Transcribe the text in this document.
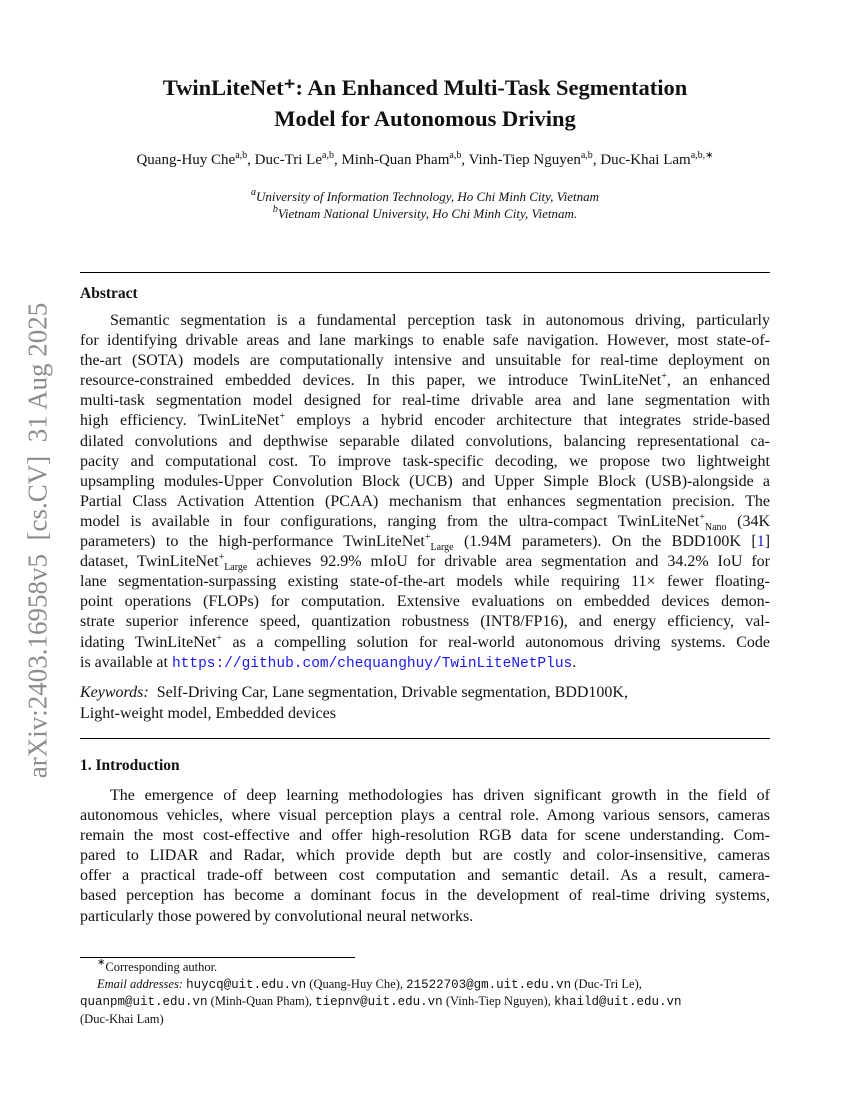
arXiv:2403.16958v5  [cs.CV]  31 Aug 2025
TwinLiteNet⁺: An Enhanced Multi-Task Segmentation
Model for Autonomous Driving
Quang-Huy Che$^{a,b}$, Duc-Tri Le$^{a,b}$, Minh-Quan Pham$^{a,b}$, Vinh-Tiep Nguyen$^{a,b}$, Duc-Khai Lam$^{a,b,∗}$
$^a$University of Information Technology, Ho Chi Minh City, Vietnam
$^b$Vietnam National University, Ho Chi Minh City, Vietnam.
Abstract
Semantic segmentation is a fundamental perception task in autonomous driving, particularly
for identifying drivable areas and lane markings to enable safe navigation. However, most state-of-
the-art (SOTA) models are computationally intensive and unsuitable for real-time deployment on
resource-constrained embedded devices. In this paper, we introduce TwinLiteNet+, an enhanced
multi-task segmentation model designed for real-time drivable area and lane segmentation with
high efficiency. TwinLiteNet+ employs a hybrid encoder architecture that integrates stride-based
dilated convolutions and depthwise separable dilated convolutions, balancing representational ca-
pacity and computational cost. To improve task-specific decoding, we propose two lightweight
upsampling modules-Upper Convolution Block (UCB) and Upper Simple Block (USB)-alongside a
Partial Class Activation Attention (PCAA) mechanism that enhances segmentation precision. The
model is available in four configurations, ranging from the ultra-compact TwinLiteNet+$_{Nano}$ (34K
parameters) to the high-performance TwinLiteNet+$_{Large}$ (1.94M parameters). On the BDD100K [1]
dataset, TwinLiteNet+$_{Large}$ achieves 92.9% mIoU for drivable area segmentation and 34.2% IoU for
lane segmentation-surpassing existing state-of-the-art models while requiring 11× fewer floating-
point operations (FLOPs) for computation. Extensive evaluations on embedded devices demon-
strate superior inference speed, quantization robustness (INT8/FP16), and energy efficiency, val-
idating TwinLiteNet+ as a compelling solution for real-world autonomous driving systems. Code
is available at https://github.com/chequanghuy/TwinLiteNetPlus.
Keywords: Self-Driving Car, Lane segmentation, Drivable segmentation, BDD100K,
Light-weight model, Embedded devices
1. Introduction
The emergence of deep learning methodologies has driven significant growth in the field of
autonomous vehicles, where visual perception plays a central role. Among various sensors, cameras
remain the most cost-effective and offer high-resolution RGB data for scene understanding. Com-
pared to LIDAR and Radar, which provide depth but are costly and color-insensitive, cameras
offer a practical trade-off between cost computation and semantic detail. As a result, camera-
based perception has become a dominant focus in the development of real-time driving systems,
particularly those powered by convolutional neural networks.
∗Corresponding author.
Email addresses: huycq@uit.edu.vn (Quang-Huy Che), 21522703@gm.uit.edu.vn (Duc-Tri Le),
quanpm@uit.edu.vn (Minh-Quan Pham), tiepnv@uit.edu.vn (Vinh-Tiep Nguyen), khaild@uit.edu.vn
(Duc-Khai Lam)
